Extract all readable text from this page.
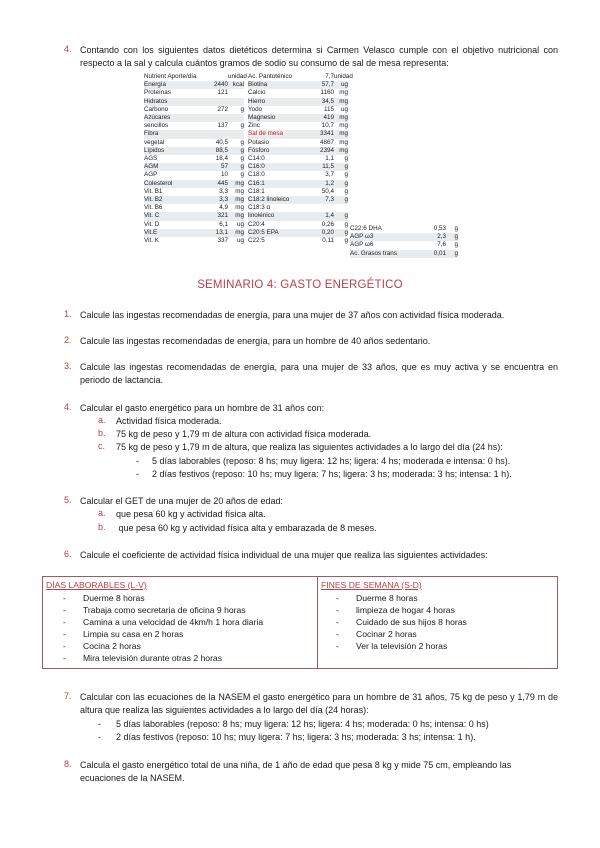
4. Contando con los siguientes datos dietéticos determina si Carmen Velasco cumple con el objetivo nutricional con respecto a la sal y calcula cuántos gramos de sodio su consumo de sal de mesa representa:
Nutrient Aporte/día	unidad
Energía	2440 kcal
Proteínas	121
Hidratos
Carbono	272	g
Azúcares
sencillos	137	g
Fibra
vegetal	40,5	g
Lípidos	88,5	g
AGS	18,4	g
AGM	57	g
AGP	10	g
Colesterol	445	mg
Vit. B1	3,3	mg
Vit. B2	3,3	mg
Vit. B6	4,9	mg
Vit. C	321	mg
Vit. D	6,1	ug
Vit.E	13,1	mg
Vit. K	337	ug
Ac. Pantoténico	7,7 unidad
Biotina	57,7	ug
Calcio	1160 mg
Hierro	34,5 mg
Yodo	115	ug
Magnesio	419 mg
Zinc	10,7 mg
Sal de mesa	3341 mg
Potasio	4867 mg
Fósforo	2394 mg
C14:0	1,1	g
C16:0	11,5	g
C18:0	3,7	g
C16:1	1,2	g
C18:1	50,4	g
C18:2 linoleico	7,3	g
C18:3 α
linolénico	1,4	g
C20:4	0,26	g
C20:5 EPA	0,20	g
C22:5	0,11	g
C22:6 DHA	0,53	g
AGP ω3	2,3	g
AGP ω6	7,6	g
Ac. Grasos trans	0,01	g
SEMINARIO 4: GASTO ENERGÉTICO
1. Calcule las ingestas recomendadas de energía, para una mujer de 37 años con actividad física moderada.
2. Calcule las ingestas recomendadas de energía, para un hombre de 40 años sedentario.
3. Calcule las ingestas recomendadas de energía, para una mujer de 33 años, que es muy activa y se encuentra en periodo de lactancia.
4. Calcular el gasto energético para un hombre de 31 años con:
a. Actividad física moderada.
b. 75 kg de peso y 1,79 m de altura con actividad física moderada.
c. 75 kg de peso y 1,79 m de altura, que realiza las siguientes actividades a lo largo del día (24 hs):
- 5 días laborables (reposo: 8 hs; muy ligera: 12 hs; ligera: 4 hs; moderada e intensa: 0 hs).
- 2 días festivos (reposo: 10 hs; muy ligera: 7 hs; ligera: 3 hs; moderada: 3 hs; intensa: 1 h).
5. Calcular el GET de una mujer de 20 años de edad:
a. que pesa 60 kg y actividad física alta.
b. que pesa 60 kg y actividad física alta y embarazada de 8 meses.
6. Calcule el coeficiente de actividad física individual de una mujer que realiza las siguientes actividades:
DÍAS LABORABLES (L-V)
- Duerme 8 horas
- Trabaja como secretaria de oficina 9 horas
- Camina a una velocidad de 4km/h 1 hora diaria
- Limpia su casa en 2 horas
- Cocina 2 horas
- Mira televisión durante otras 2 horas
FINES DE SEMANA (S-D)
- Duerme 8 horas
- limpieza de hogar 4 horas
- Cuidado de sus hijos 8 horas
- Cocinar 2 horas
- Ver la televisión 2 horas
7. Calcular con las ecuaciones de la NASEM el gasto energético para un hombre de 31 años, 75 kg de peso y 1,79 m de altura que realiza las siguientes actividades a lo largo del día (24 horas):
- 5 días laborables (reposo: 8 hs; muy ligera: 12 hs; ligera: 4 hs; moderada: 0 hs; intensa: 0 hs)
- 2 días festivos (reposo: 10 hs; muy ligera: 7 hs; ligera: 3 hs; moderada: 3 hs; intensa: 1 h).
8. Calcula el gasto energético total de una niña, de 1 año de edad que pesa 8 kg y mide 75 cm, empleando las ecuaciones de la NASEM.
